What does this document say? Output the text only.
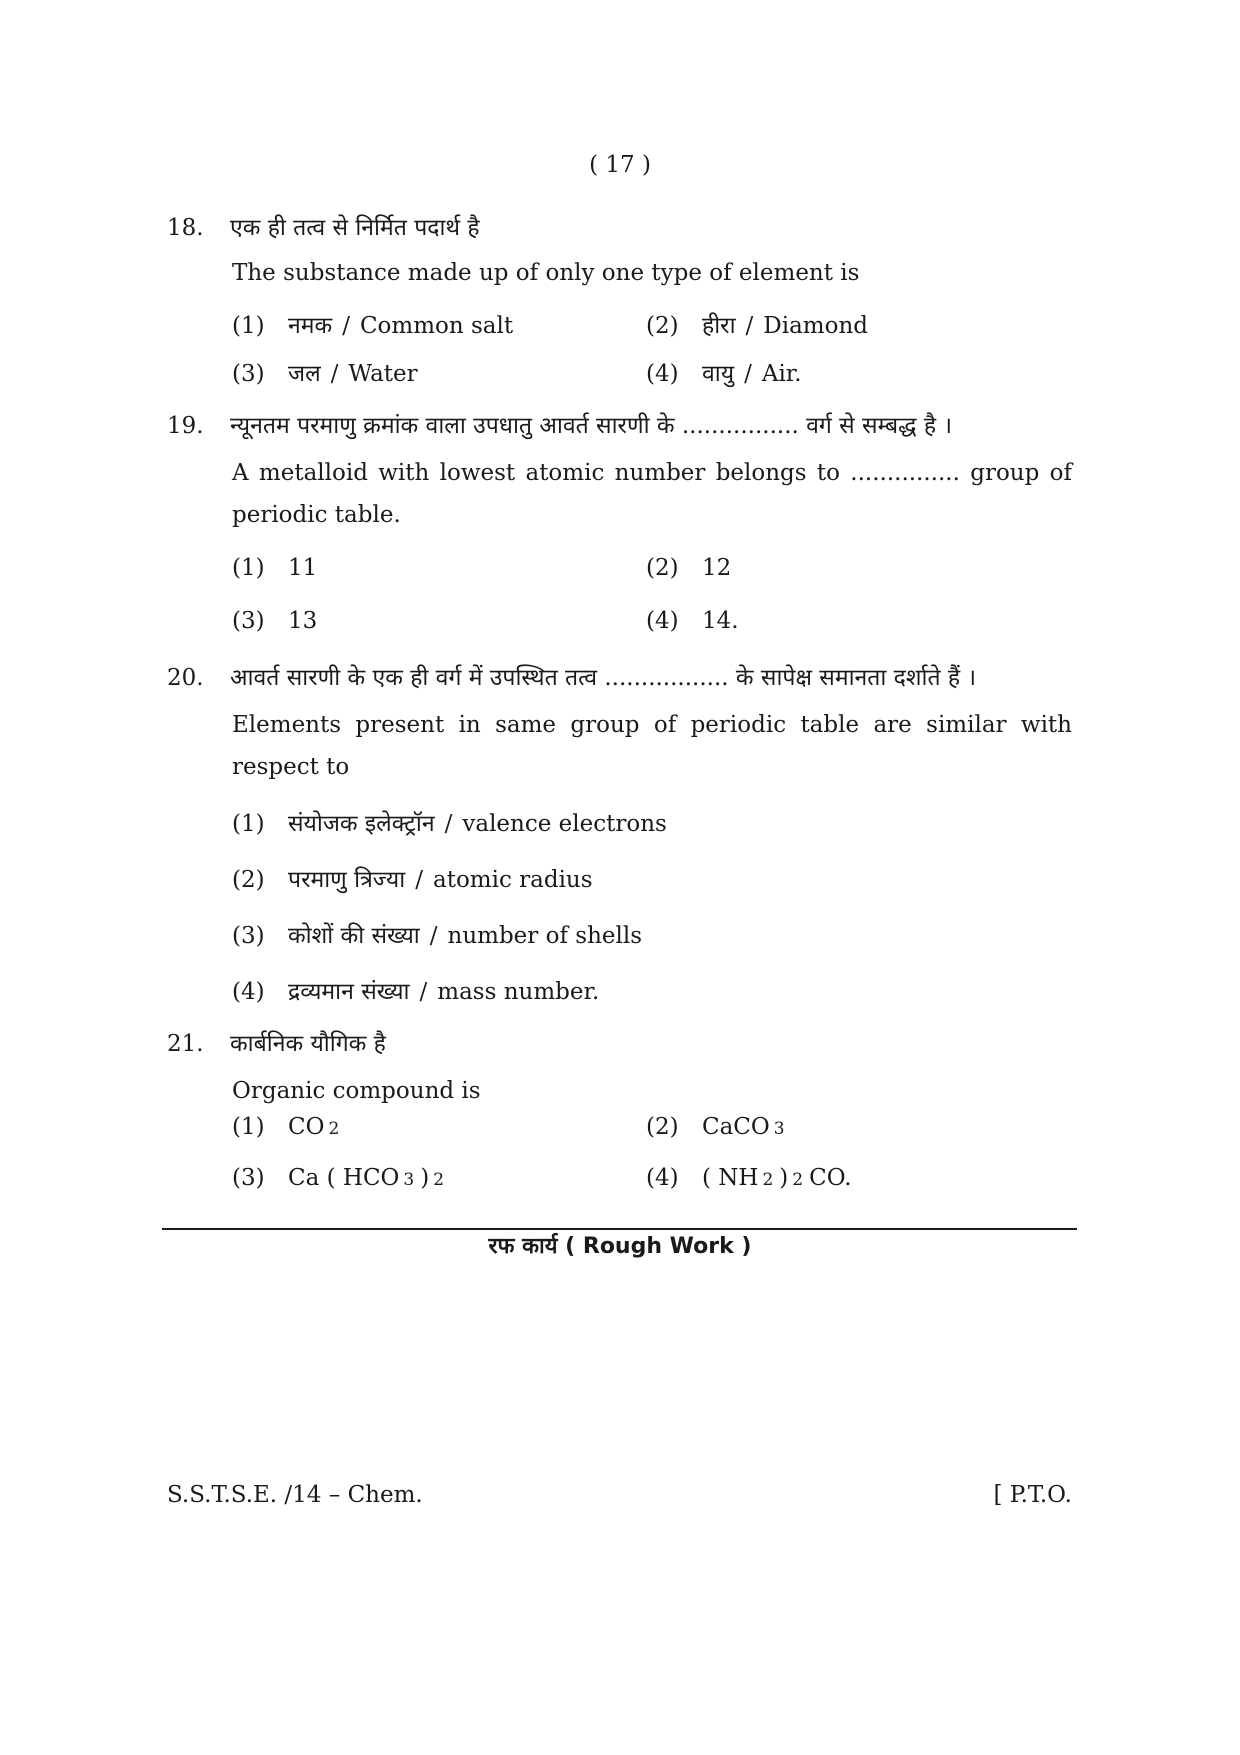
( 17 )
18.	एक ही तत्व से निर्मित पदार्थ है
The substance made up of only one type of element is
(1)	नमक / Common salt	(2)	हीरा / Diamond
(3)	जल / Water	(4)	वायु / Air.
19.	न्यूनतम परमाणु क्रमांक वाला उपधातु आवर्त सारणी के ................ वर्ग से सम्बद्ध है ।
A metalloid with lowest atomic number belongs to ............... group of periodic table.
(1)	11	(2)	12
(3)	13	(4)	14.
20.	आवर्त सारणी के एक ही वर्ग में उपस्थित तत्व ................. के सापेक्ष समानता दर्शाते हैं ।
Elements present in same group of periodic table are similar with respect to
(1)	संयोजक इलेक्ट्रॉन / valence electrons
(2)	परमाणु त्रिज्या / atomic radius
(3)	कोशों की संख्या / number of shells
(4)	द्रव्यमान संख्या / mass number.
21.	कार्बनिक यौगिक है
Organic compound is
(1)	CO 2	(2)	CaCO 3
(3)	Ca ( HCO 3 ) 2	(4)	( NH 2 ) 2 CO.
रफ कार्य ( Rough Work )
S.S.T.S.E. /14 – Chem.	[ P.T.O.
